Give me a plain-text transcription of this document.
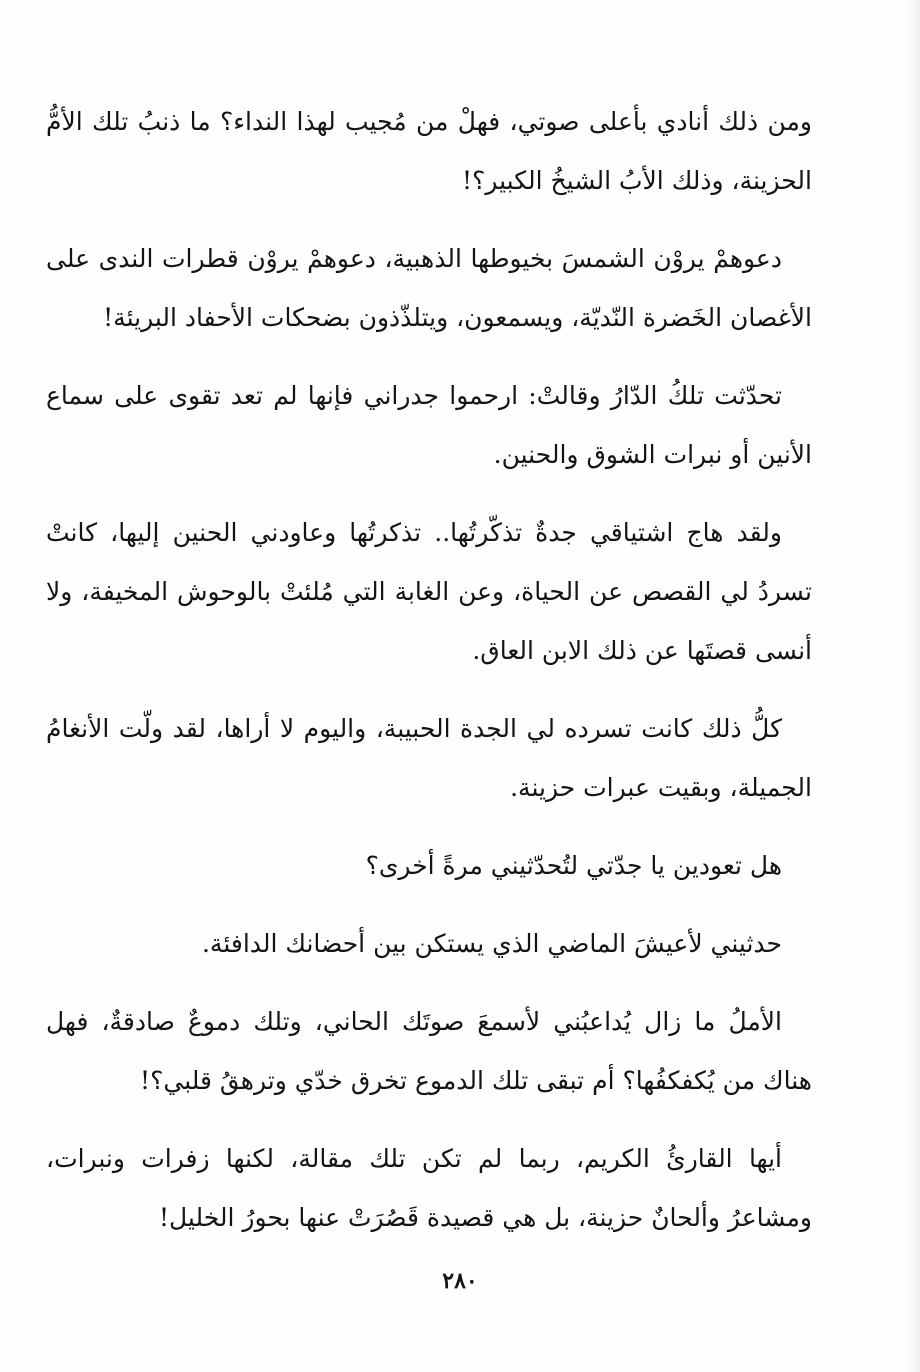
ومن ذلك أنادي بأعلى صوتي، فهلْ من مُجيب لهذا النداء؟ ما ذنبُ تلك الأمُّ الحزينة، وذلك الأبُ الشيخُ الكبير؟!

دعوهمْ يروْن الشمسَ بخيوطها الذهبية، دعوهمْ يروْن قطرات الندى على الأغصان الخَضرة النّديّة، ويسمعون، ويتلذّذون بضحكات الأحفاد البريئة!

تحدّثت تلكُ الدّارُ وقالتْ: ارحموا جدراني فإنها لم تعد تقوى على سماع الأنين أو نبرات الشوق والحنين.

ولقد هاج اشتياقي جدةٌ تذكّرتُها.. تذكرتُها وعاودني الحنين إليها، كانتْ تسردُ لي القصص عن الحياة، وعن الغابة التي مُلئتْ بالوحوش المخيفة، ولا أنسى قصتَها عن ذلك الابن العاق.

كلُّ ذلك كانت تسرده لي الجدة الحبيبة، واليوم لا أراها، لقد ولّت الأنغامُ الجميلة، وبقيت عبرات حزينة.

هل تعودين يا جدّتي لتُحدّثيني مرةً أخرى؟

حدثيني لأعيشَ الماضي الذي يستكن بين أحضانك الدافئة.

الأملُ ما زال يُداعبُني لأسمعَ صوتَك الحاني، وتلك دموعٌ صادقةٌ، فهل هناك من يُكفكفُها؟ أم تبقى تلك الدموع تخرق خدّي وترهقُ قلبي؟!

أيها القارئُ الكريم، ربما لم تكن تلك مقالة، لكنها زفرات ونبرات، ومشاعرُ وألحانٌ حزينة، بل هي قصيدة قَصُرَتْ عنها بحورُ الخليل!

٢٨٠
